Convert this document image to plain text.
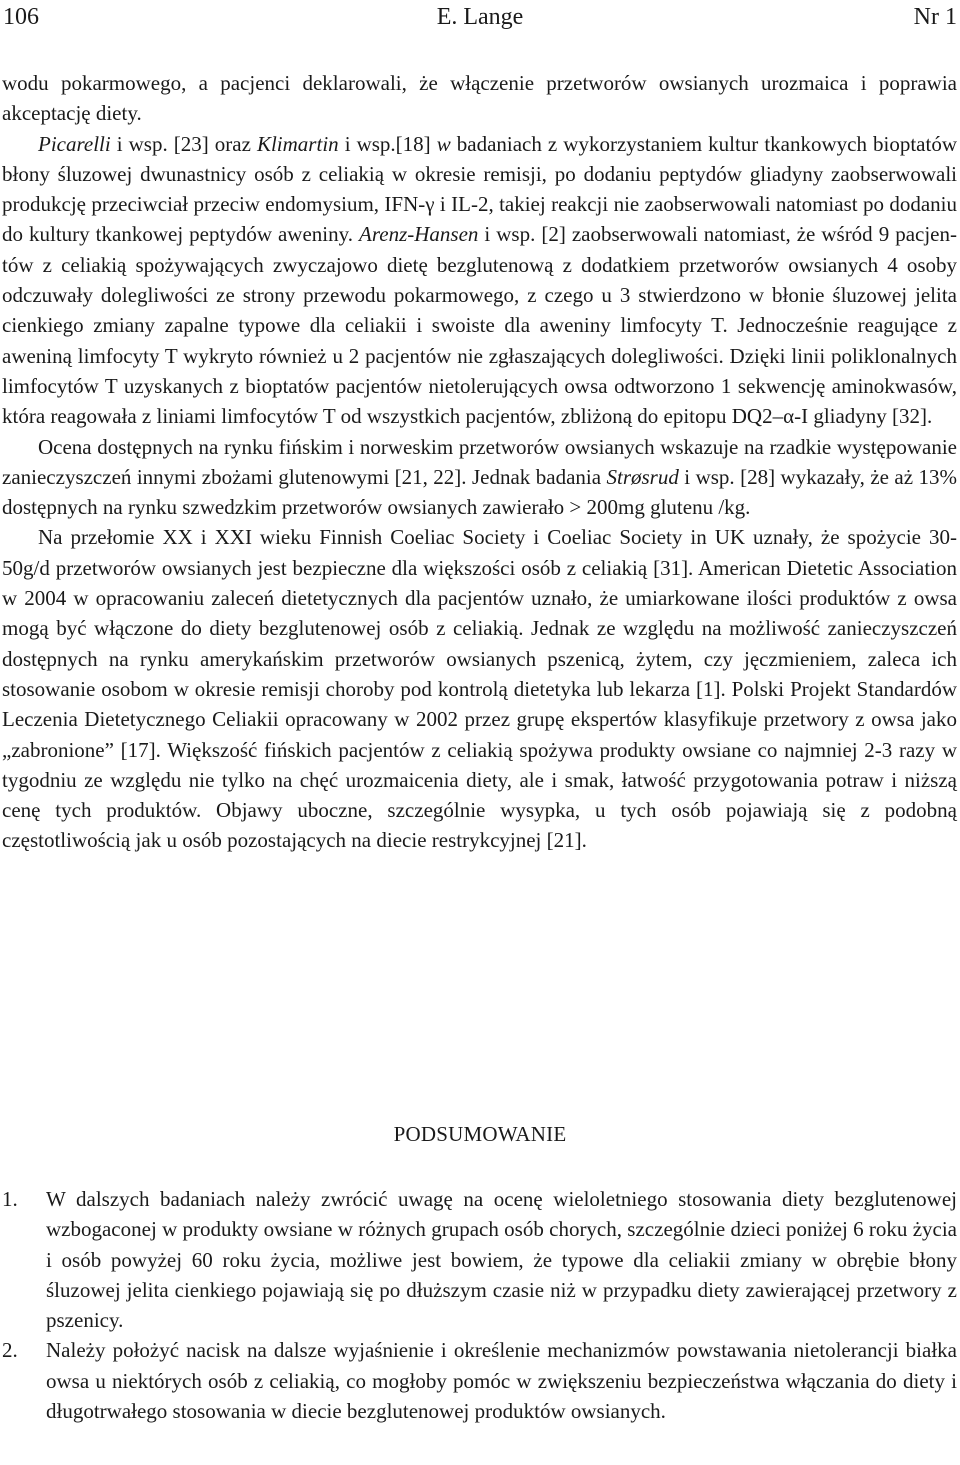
106	E. Lange	Nr 1

wodu pokarmowego, a pacjenci deklarowali, że włączenie przetworów owsianych urozmaica i poprawia akceptację diety.

Picarelli i wsp. [23] oraz Klimartin i wsp.[18] w badaniach z wykorzystaniem kultur tkankowych bioptatów błony śluzowej dwunastnicy osób z celiakią w okresie remisji, po dodaniu peptydów gliadyny zaobserwowali produkcję przeciwciał przeciw endomysium, IFN-γ i IL-2, takiej reakcji nie zaobserwowali natomiast po dodaniu do kultury tkankowej peptydów aweniny. Arenz-Hansen i wsp. [2] zaobserwowali natomiast, że wśród 9 pacjentów z celiakią spożywających zwyczajowo dietę bezglutenową z dodatkiem przetworów owsianych 4 osoby odczuwały dolegliwości ze strony przewodu pokarmowego, z czego u 3 stwierdzono w błonie śluzowej jelita cienkiego zmiany zapalne typowe dla celiakii i swoiste dla aweniny limfocyty T. Jednocześnie reagujące z aweniną limfocyty T wykryto również u 2 pacjentów nie zgłaszających dolegliwości. Dzięki linii poliklonalnych limfocytów T uzyskanych z bioptatów pacjentów nietolerujących owsa odtworzono 1 sekwencję aminokwasów, która reagowała z liniami limfocytów T od wszystkich pacjentów, zbliżoną do epitopu DQ2–α-I gliadyny [32].

Ocena dostępnych na rynku fińskim i norweskim przetworów owsianych wskazuje na rzadkie występowanie zanieczyszczeń innymi zbożami glutenowymi [21, 22]. Jednak badania Strøsrud i wsp. [28] wykazały, że aż 13% dostępnych na rynku szwedzkim przetworów owsianych zawierało > 200mg glutenu /kg.

Na przełomie XX i XXI wieku Finnish Coeliac Society i Coeliac Society in UK uznały, że spożycie 30-50g/d przetworów owsianych jest bezpieczne dla większości osób z celiakią [31]. American Dietetic Association w 2004 w opracowaniu zaleceń dietetycznych dla pacjentów uznało, że umiarkowane ilości produktów z owsa mogą być włączone do diety bezglutenowej osób z celiakią. Jednak ze względu na możliwość zanieczyszczeń dostępnych na rynku amerykańskim przetworów owsianych pszenicą, żytem, czy jęczmieniem, zaleca ich stosowanie osobom w okresie remisji choroby pod kontrolą dietetyka lub lekarza [1]. Polski Projekt Standardów Leczenia Dietetycznego Celiakii opracowany w 2002 przez grupę ekspertów klasyfikuje przetwory z owsa jako „zabronione” [17]. Większość fińskich pacjentów z celiakią spożywa produkty owsiane co najmniej 2-3 razy w tygodniu ze względu nie tylko na chęć urozmaicenia diety, ale i smak, łatwość przygotowania potraw i niższą cenę tych produktów. Objawy uboczne, szczególnie wysypka, u tych osób pojawiają się z podobną częstotliwością jak u osób pozostających na diecie restrykcyjnej [21].

PODSUMOWANIE

1. W dalszych badaniach należy zwrócić uwagę na ocenę wieloletniego stosowania diety bezglutenowej wzbogaconej w produkty owsiane w różnych grupach osób chorych, szczególnie dzieci poniżej 6 roku życia i osób powyżej 60 roku życia, możliwe jest bowiem, że typowe dla celiakii zmiany w obrębie błony śluzowej jelita cienkiego pojawiają się po dłuższym czasie niż w przypadku diety zawierającej przetwory z pszenicy.

2. Należy położyć nacisk na dalsze wyjaśnienie i określenie mechanizmów powstawania nietolerancji białka owsa u niektórych osób z celiakią, co mogłoby pomóc w zwiększeniu bezpieczeństwa włączania do diety i długotrwałego stosowania w diecie bezglutenowej produktów owsianych.
